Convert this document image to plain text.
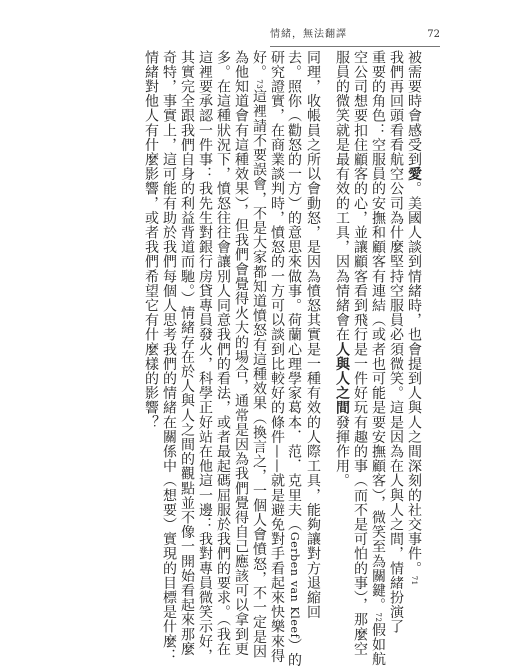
情緒，無法翻譯	72
被需要時會感受到愛。美國人談到情緒時，也會提到人與人之間深刻的社交事件。71
我們再回頭看看航空公司為什麼堅持空服員必須微笑。這是因為在人與人之間，情緒扮演了
重要的角色：空服員的安撫和顧客有連結（或者也可能是要安撫顧客），微笑至為關鍵。72假如航
空公司想要扣住顧客的心，並讓顧客看到飛行是一件好玩有趣的事（而不是可怕的事），那麼空
服員的微笑就是最有效的工具，因為情緒會在人與人之間發揮作用。
同理，收帳員之所以會動怒，是因為憤怒其實是一種有效的人際工具，能夠讓對方退縮回
去。照你（勸怒的一方）的意思來做事。荷蘭心理學家葛本．范．克里夫（Gerben van Kleef）的
研究證實，在商業談判時，憤怒的一方可以談到比較好的條件——就是避免對手看起來快樂來得
好。73這裡請不要誤會，不是大家都知道憤怒有這種效果（換言之，一個人會憤怒，不一定是因
為他知道會有這種效果），但我們會覺得火大的場合，通常是因為我們覺得自己應該可以拿到更
多。在這種狀況下，憤怒往往會讓別人同意我們的看法，或者最起碼屈服於我們的要求。（我在
這裡要承認一件事：我先生對銀行房貸專員發火，科學正好站在他這一邊：我對專員微笑示好，
其實完全跟我們自身的利益背道而馳。）情緒存在於人與人之間的觀點並不像一開始看起來那麼
奇特，事實上，這可能有助於我們每個人思考我們的情緒在關係中（想要）實現的目標是什麼：
情緒對他人有什麼影響，或者我們希望它有什麼樣的影響？
